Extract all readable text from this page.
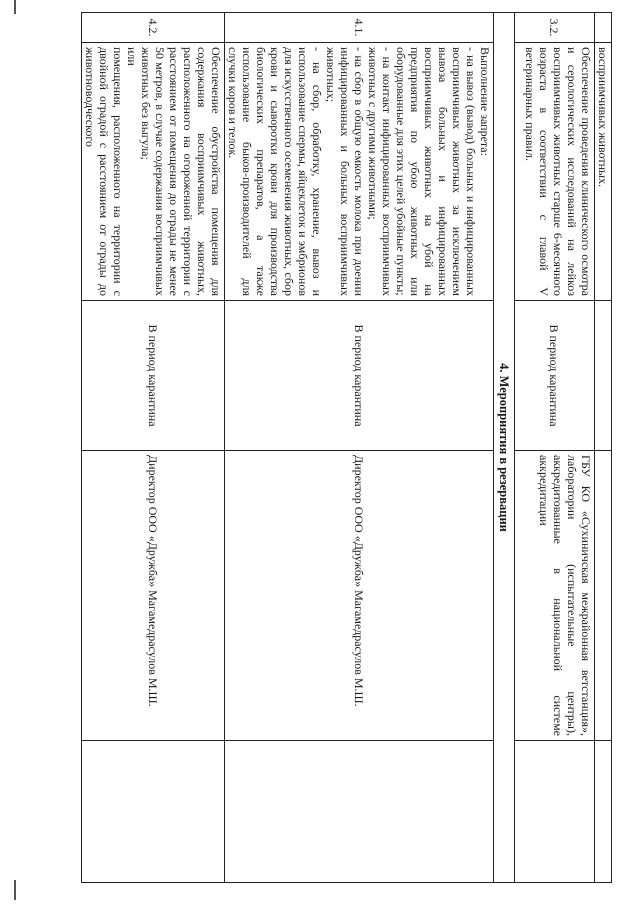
	восприимчивых животных.			
3.2.	Обеспечение проведения клинического осмотра и серологических исследований на лейкоз восприимчивых животных старше 6-месячного возраста в соответствии с главой V ветеринарных правил.	В период карантина	ГБУ КО «Сухиничская межрайонная ветстанция», лаборатории (испытательные центры), аккредитованные в национальной системе аккредитации	
4. Мероприятия в резервации				
4.1.	Выполнение запрета:
- на вывоз (вывод) больных и инфицированных восприимчивых животных за исключением вывоза больных и инфицированных восприимчивых животных на убой на предприятия по убою животных или оборудованные для этих целей убойные пункты;
- на контакт инфицированных восприимчивых животных с другими животными;
- на сбор в общую емкость молока при доении инфицированных и больных восприимчивых животных;
- на сбор, обработку, хранение, вывоз и использование спермы, яйцеклеток и эмбрионов для искусственного осеменения животных, сбор крови и сыворотки крови для производства биологических препаратов, а также использование быков-производителей для случки коров и телок.	В период карантина	Директор ООО «Дружба» Магамедрасулов М.Ш.	
4.2.	Обеспечение обустройства помещения для содержания восприимчивых животных, расположенного на огороженной территории с расстоянием от помещения до ограды не менее 50 метров, в случае содержания восприимчивых животных без выгула;
или
помещения, расположенного на территории с двойной оградой с расстоянием от ограды до животноводческого	В период карантина	Директор ООО «Дружба» Магамедрасулов М.Ш.	
